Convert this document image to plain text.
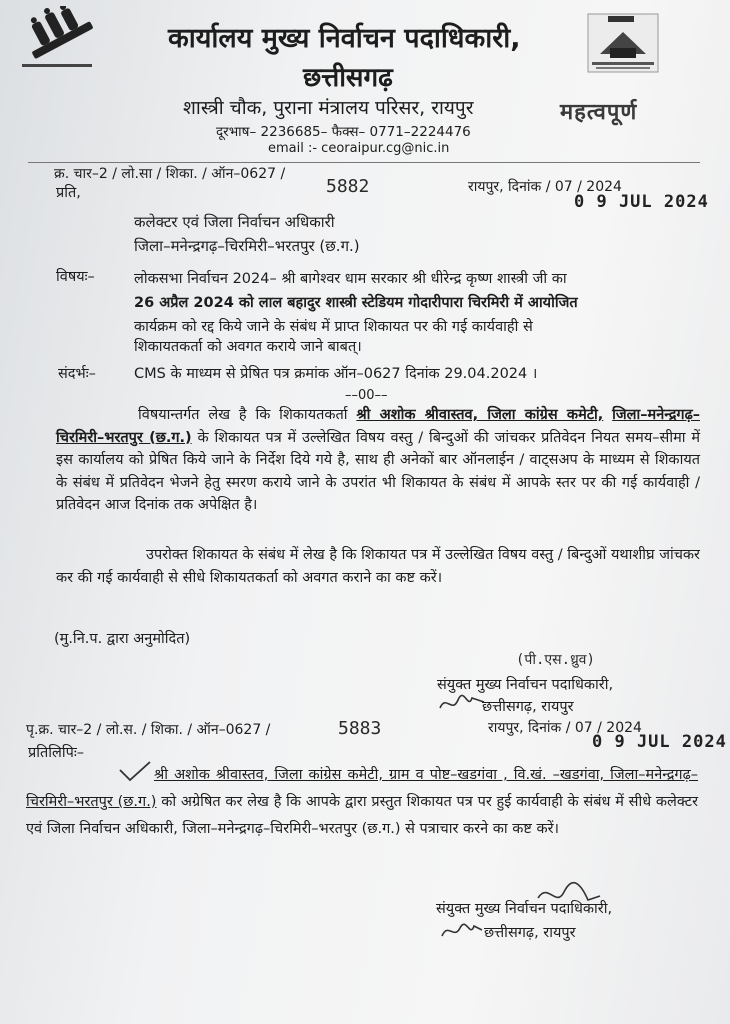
कार्यालय मुख्य निर्वाचन पदाधिकारी,
छत्तीसगढ़
शास्त्री चौक, पुराना मंत्रालय परिसर, रायपुर
दूरभाष– 2236685– फैक्स– 0771–2224476
email :- ceoraipur.cg@nic.in
महत्वपूर्ण
क्र. चार–2 / लो.सा / शिका. / ऑन–0627 /
5882	रायपुर, दिनांक / 07 / 2024
0 9 JUL 2024
प्रति,
कलेक्टर एवं जिला निर्वाचन अधिकारी
जिला–मनेन्द्रगढ़–चिरमिरी–भरतपुर (छ.ग.)
विषयः–	लोकसभा निर्वाचन 2024– श्री बागेश्वर धाम सरकार श्री धीरेन्द्र कृष्ण शास्त्री जी का
26 अप्रैल 2024 को लाल बहादुर शास्त्री स्टेडियम गोदारीपारा चिरमिरी में आयोजित
कार्यक्रम को रद्द किये जाने के संबंध में प्राप्त शिकायत पर की गई कार्यवाही से
शिकायतकर्ता को अवगत कराये जाने बाबत्।
संदर्भः–	CMS के माध्यम से प्रेषित पत्र क्रमांक ऑन–0627 दिनांक 29.04.2024 ।
––00––
विषयान्तर्गत लेख है कि शिकायतकर्ता श्री अशोक श्रीवास्तव, जिला कांग्रेस कमेटी, जिला–मनेन्द्रगढ़–चिरमिरी–भरतपुर (छ.ग.) के शिकायत पत्र में उल्लेखित विषय वस्तु / बिन्दुओं की जांचकर प्रतिवेदन नियत समय–सीमा में इस कार्यालय को प्रेषित किये जाने के निर्देश दिये गये है, साथ ही अनेकों बार ऑनलाईन / वाट्सअप के माध्यम से शिकायत के संबंध में प्रतिवेदन भेजने हेतु स्मरण कराये जाने के उपरांत भी शिकायत के संबंध में आपके स्तर पर की गई कार्यवाही / प्रतिवेदन आज दिनांक तक अपेक्षित है।
उपरोक्त शिकायत के संबंध में लेख है कि शिकायत पत्र में उल्लेखित विषय वस्तु / बिन्दुओं यथाशीघ्र जांचकर कर की गई कार्यवाही से सीधे शिकायतकर्ता को अवगत कराने का कष्ट करें।
(मु.नि.प. द्वारा अनुमोदित)
(पी.एस.ध्रुव)
संयुक्त मुख्य निर्वाचन पदाधिकारी,
छत्तीसगढ़, रायपुर
पृ.क्र. चार–2 / लो.स. / शिका. / ऑन–0627 /	5883	रायपुर, दिनांक / 07 / 2024
0 9 JUL 2024
प्रतिलिपिः–
श्री अशोक श्रीवास्तव, जिला कांग्रेस कमेटी, ग्राम व पोष्ट–खडगंवा , वि.खं. –खडगंवा, जिला–मनेन्द्रगढ़–चिरमिरी–भरतपुर (छ.ग.) को अग्रेषित कर लेख है कि आपके द्वारा प्रस्तुत शिकायत पत्र पर हुई कार्यवाही के संबंध में सीधे कलेक्टर एवं जिला निर्वाचन अधिकारी, जिला–मनेन्द्रगढ़–चिरमिरी–भरतपुर (छ.ग.) से पत्राचार करने का कष्ट करें।
संयुक्त मुख्य निर्वाचन पदाधिकारी,
छत्तीसगढ़, रायपुर
